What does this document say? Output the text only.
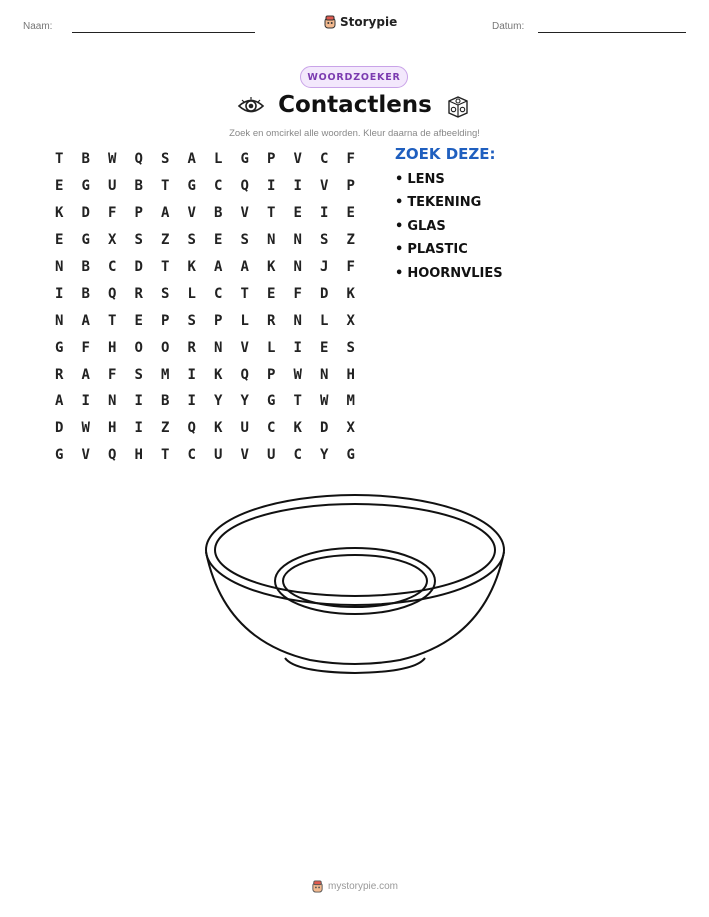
Naam:	Storypie	Datum:
WOORDZOEKER
Contactlens
Zoek en omcirkel alle woorden. Kleur daarna de afbeelding!
T	B	W	Q	S	A	L	G	P	V	C	F
E	G	U	B	T	G	C	Q	I	I	V	P
K	D	F	P	A	V	B	V	T	E	I	E
E	G	X	S	Z	S	E	S	N	N	S	Z
N	B	C	D	T	K	A	A	K	N	J	F
I	B	Q	R	S	L	C	T	E	F	D	K
N	A	T	E	P	S	P	L	R	N	L	X
G	F	H	O	O	R	N	V	L	I	E	S
R	A	F	S	M	I	K	Q	P	W	N	H
A	I	N	I	B	I	Y	Y	G	T	W	M
D	W	H	I	Z	Q	K	U	C	K	D	X
G	V	Q	H	T	C	U	V	U	C	Y	G
ZOEK DEZE:
• LENS
• TEKENING
• GLAS
• PLASTIC
• HOORNVLIES
mystorypie.com
